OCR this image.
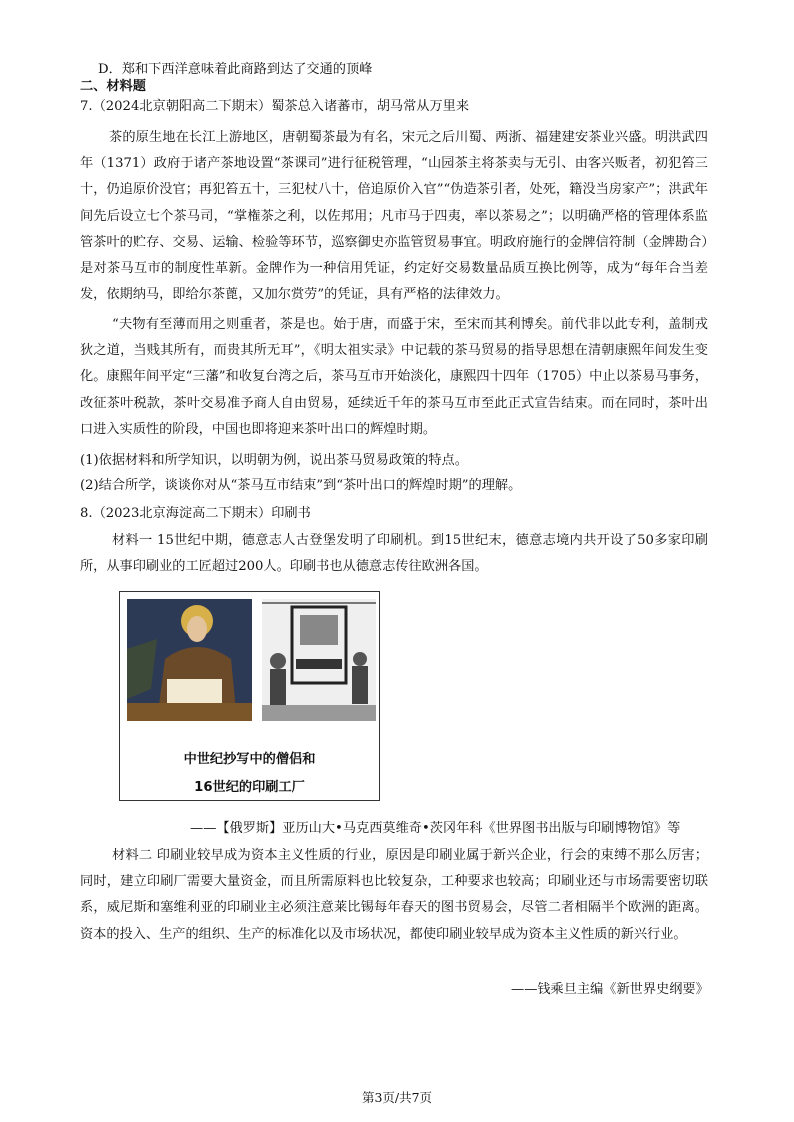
D．郑和下西洋意味着此商路到达了交通的顶峰
二、材料题
7.（2024北京朝阳高二下期末）蜀茶总入诸蕃市，胡马常从万里来
茶的原生地在长江上游地区，唐朝蜀茶最为有名，宋元之后川蜀、两浙、福建建安茶业兴盛。明洪武四年（1371）政府于诸产茶地设置“茶课司”进行征税管理，“山园茶主将茶卖与无引、由客兴贩者，初犯笞三十，仍追原价没官；再犯笞五十，三犯杖八十，倍追原价入官”“伪造茶引者，处死，籍没当房家产”；洪武年间先后设立七个茶马司，“掌権茶之利，以佐邦用；凡市马于四夷，率以茶易之”；以明确严格的管理体系监管茶叶的贮存、交易、运输、检验等环节，巡察御史亦监管贸易事宜。明政府施行的金牌信符制（金牌勘合）是对茶马互市的制度性革新。金牌作为一种信用凭证，约定好交易数量品质互换比例等，成为“每年合当差发，依期纳马，即给尔茶蓖，又加尔赏劳”的凭证，具有严格的法律效力。
“夫物有至薄而用之则重者，茶是也。始于唐，而盛于宋，至宋而其利博矣。前代非以此专利，盖制戎狄之道，当贱其所有，而贵其所无耳”，《明太祖实录》中记载的茶马贸易的指导思想在清朝康熙年间发生变化。康熙年间平定“三藩”和收复台湾之后，茶马互市开始淡化，康熙四十四年（1705）中止以茶易马事务，改征茶叶税款，茶叶交易准予商人自由贸易，延续近千年的茶马互市至此正式宣告结束。而在同时，茶叶出口进入实质性的阶段，中国也即将迎来茶叶出口的辉煌时期。
(1)依据材料和所学知识，以明朝为例，说出茶马贸易政策的特点。
(2)结合所学，谈谈你对从“茶马互市结束”到“茶叶出口的辉煌时期”的理解。
8.（2023北京海淀高二下期末）印刷书
材料一 15世纪中期，德意志人古登堡发明了印刷机。到15世纪末，德意志境内共开设了50多家印刷所，从事印刷业的工匠超过200人。印刷书也从德意志传往欧洲各国。
中世纪抄写中的僧侣和
16世纪的印刷工厂
——【俄罗斯】亚历山大•马克西莫维奇•茨冈年科《世界图书出版与印刷博物馆》等
材料二 印刷业较早成为资本主义性质的行业，原因是印刷业属于新兴企业，行会的束缚不那么厉害；同时，建立印刷厂需要大量资金，而且所需原料也比较复杂，工种要求也较高；印刷业还与市场需要密切联系，威尼斯和塞维利亚的印刷业主必须注意莱比锡每年春天的图书贸易会，尽管二者相隔半个欧洲的距离。资本的投入、生产的组织、生产的标准化以及市场状况，都使印刷业较早成为资本主义性质的新兴行业。
——钱乘旦主编《新世界史纲要》
第3页/共7页
